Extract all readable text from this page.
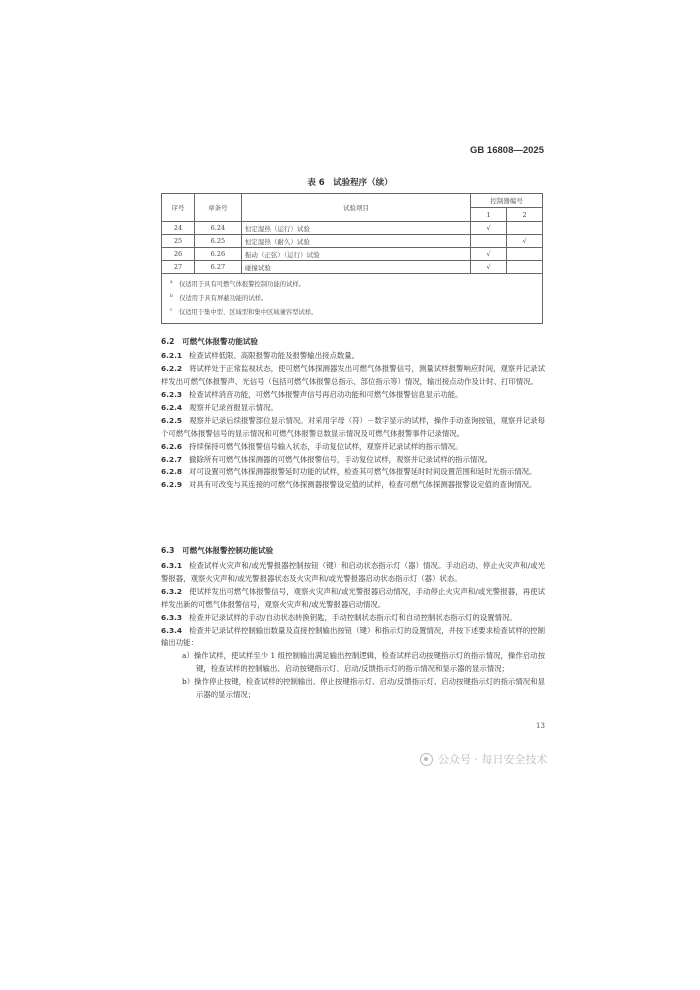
GB 16808—2025
表 6　试验程序（续）
序号	章条号	试验项目	控制器编号	
			1	2
24	6.24	恒定湿热（运行）试验	√	
25	6.25	恒定湿热（耐久）试验		√
26	6.26	振动（正弦）（运行）试验	√	
27	6.27	碰撞试验	√	

$^a$　 仅适用于具有可燃气体报警控制功能的试样。
$^b$　 仅适用于具有屏蔽功能的试样。
$^c$　 仅适用于集中型、区域型和集中区域兼容型试样。				
6.2　 可燃气体报警功能试验

6.2.1 检查试样低限、高限报警功能及报警输出接点数量。

6.2.2 将试样处于正常监视状态，使可燃气体探测器发出可燃气体报警信号，测量试样报警响应时间，观察并记录试样发出可燃气体报警声、光信号（包括可燃气体报警总指示、部位指示等）情况，输出接点动作及计时、打印情况。

6.2.3 检查试样消音功能，可燃气体报警声信号再启动功能和可燃气体报警信息显示功能。

6.2.4 观察并记录首报显示情况。

6.2.5 观察并记录后续报警部位显示情况。对采用字母（符）－数字显示的试样，操作手动查询按钮，观察并记录每个可燃气体报警信号的显示情况和可燃气体报警总数显示情况及可燃气体报警事件记录情况。

6.2.6 持续保持可燃气体报警信号输入状态，手动复位试样，观察并记录试样的指示情况。

6.2.7 撤除所有可燃气体探测器的可燃气体报警信号，手动复位试样，观察并记录试样的指示情况。

6.2.8 对可设置可燃气体探测器报警延时功能的试样，检查其可燃气体报警延时时间设置范围和延时光指示情况。

6.2.9 对具有可改变与其连接的可燃气体探测器报警设定值的试样，检查可燃气体探测器报警设定值的查询情况。

6.3　 可燃气体报警控制功能试验

6.3.1 检查试样火灾声和/或光警报器控制按钮（键）和启动状态指示灯（器）情况。手动启动、停止火灾声和/或光警报器，观察火灾声和/或光警报器状态及火灾声和/或光警报器启动状态指示灯（器）状态。

6.3.2 使试样发出可燃气体报警信号，观察火灾声和/或光警报器启动情况，手动停止火灾声和/或光警报器，再使试样发出新的可燃气体报警信号，观察火灾声和/或光警报器启动情况。

6.3.3 检查并记录试样的手动/自动状态转换钥匙，手动控制状态指示灯和自动控制状态指示灯的设置情况。

6.3.4 检查并记录试样控制输出数量及直接控制输出按钮（键）和指示灯的设置情况，并按下述要求检查试样的控制输出功能：

a）操作试样，使试样至少 1 组控制输出满足输出控制逻辑，检查试样启动按键指示灯的指示情况，操作启动按键，检查试样的控制输出、启动按键指示灯、启动/反馈指示灯的指示情况和显示器的显示情况；

b）操作停止按键，检查试样的控制输出、停止按键指示灯、启动/反馈指示灯、启动按键指示灯的指示情况和显示器的显示情况；

13
公众号 · 每日安全技术
